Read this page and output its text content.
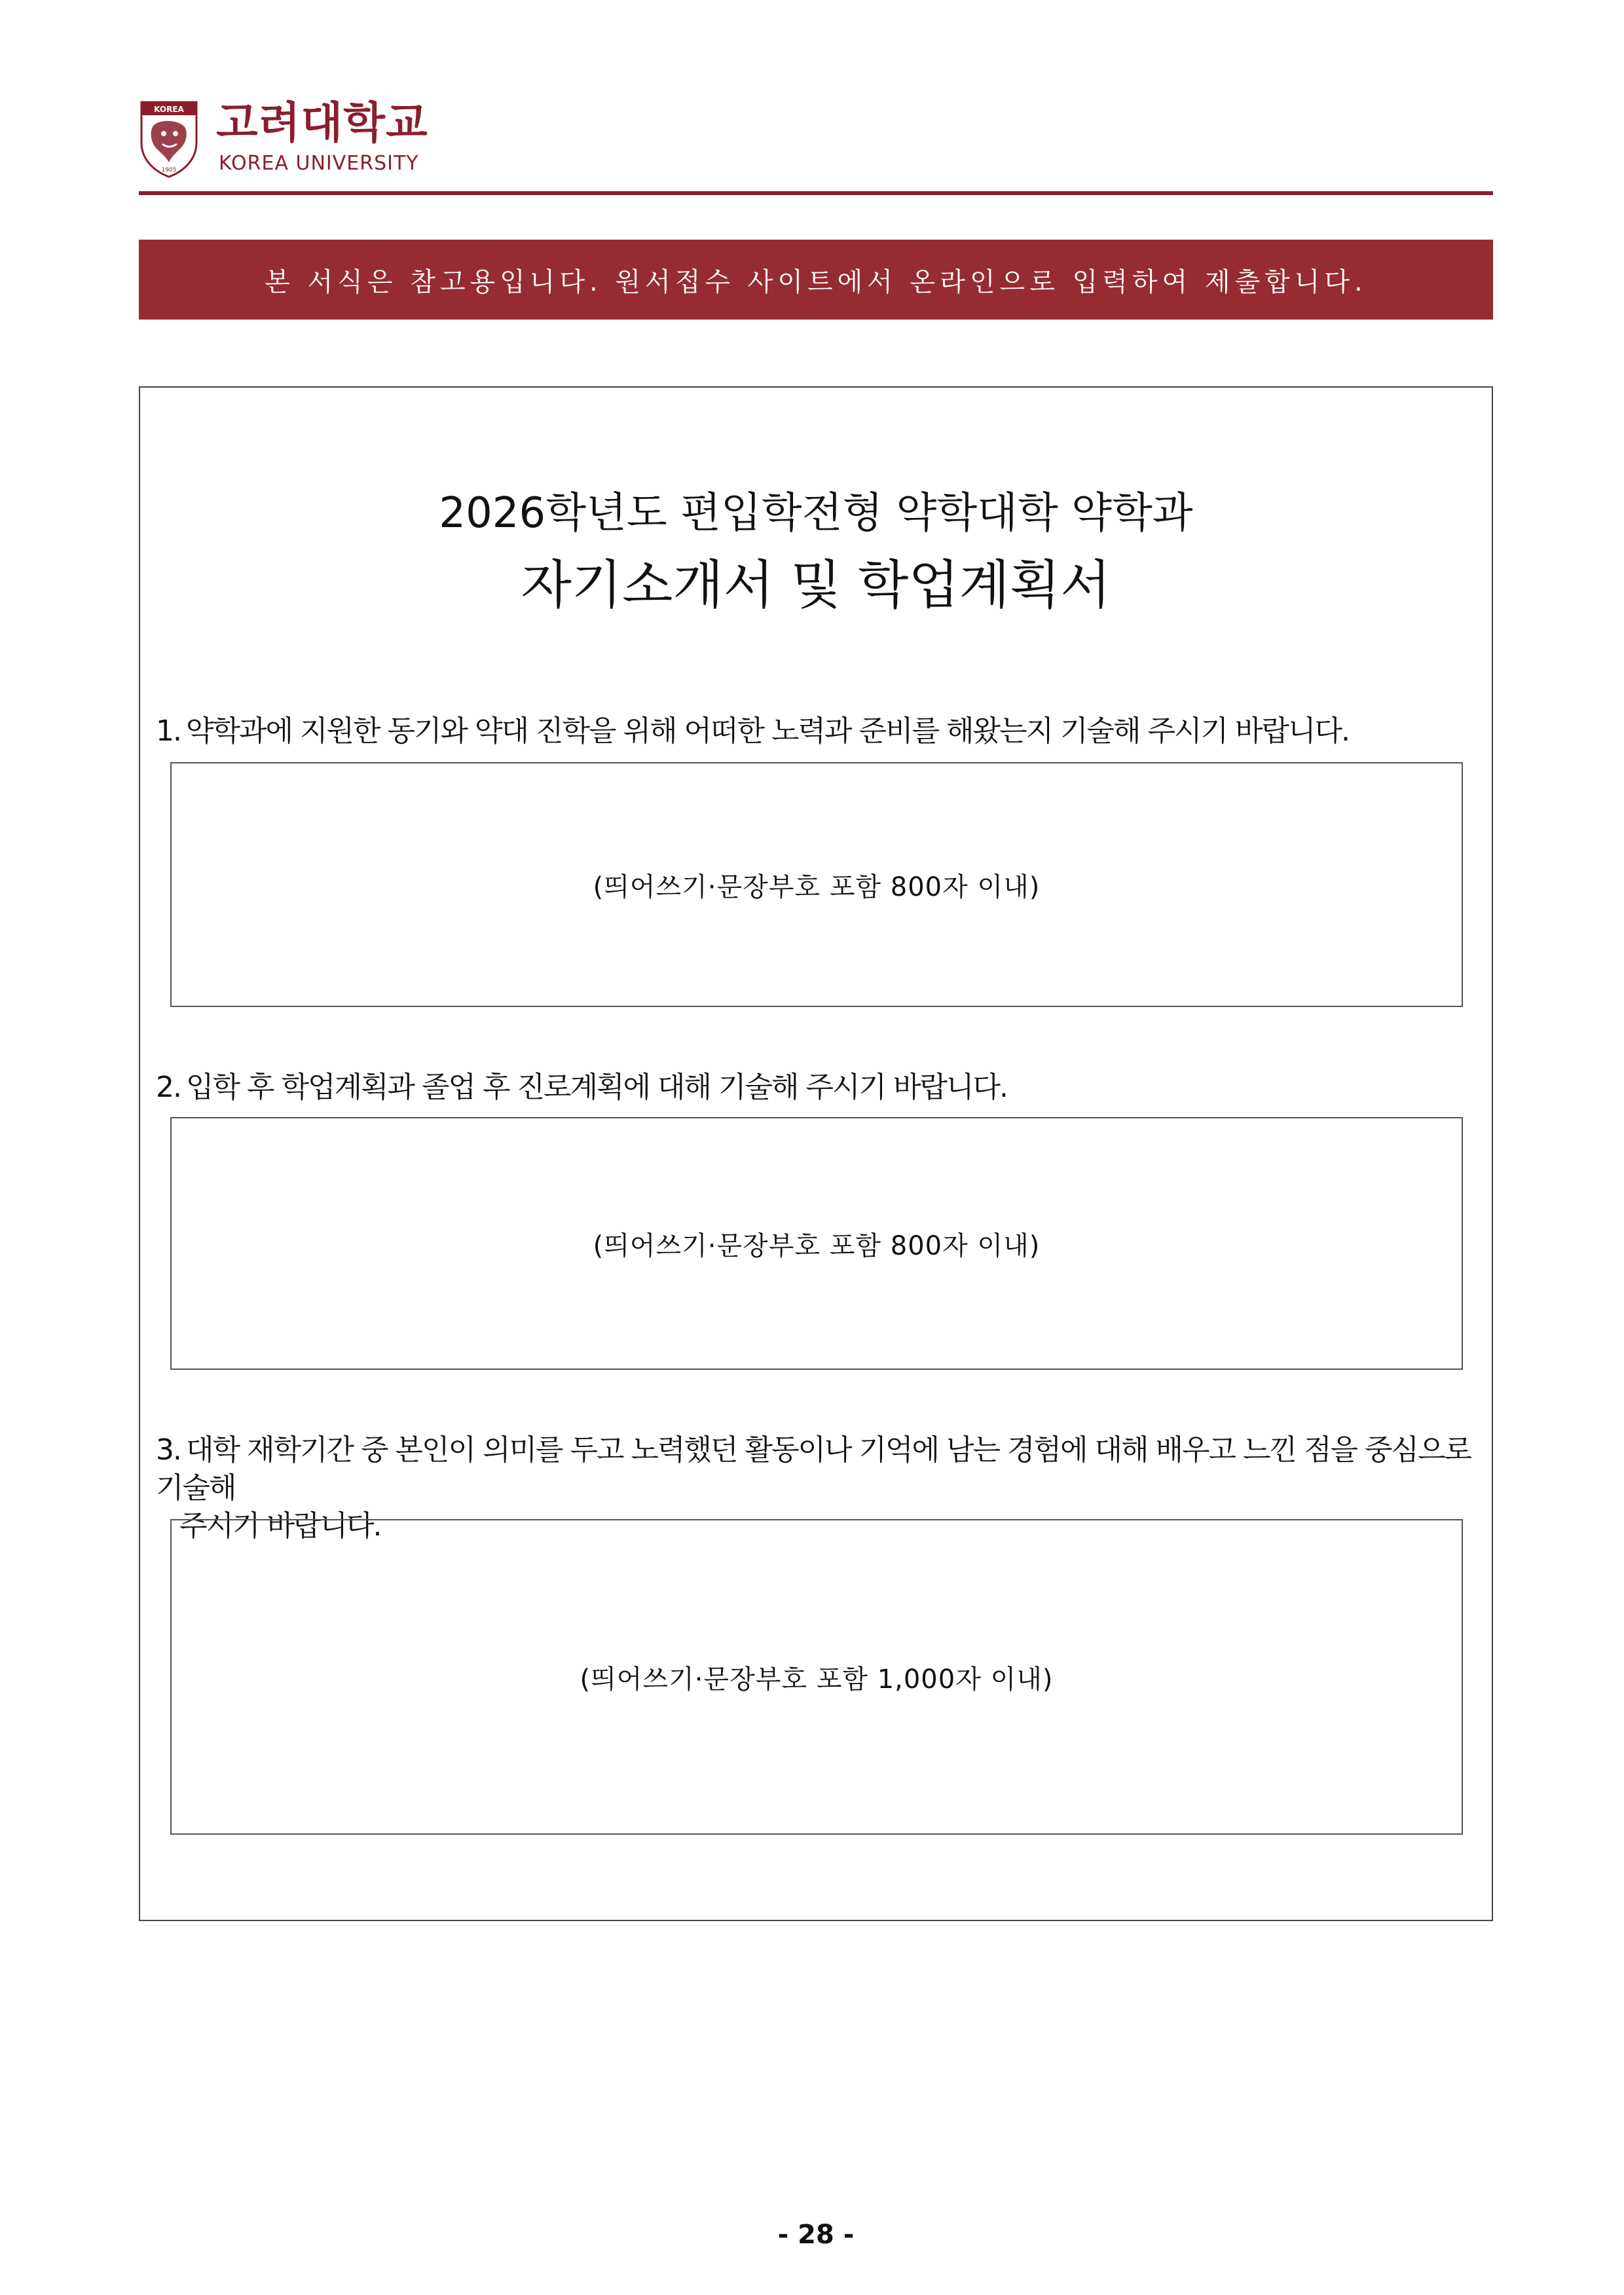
KOREA
1905
고려대학교
KOREA UNIVERSITY
본 서식은 참고용입니다. 원서접수 사이트에서 온라인으로 입력하여 제출합니다.
2026학년도 편입학전형 약학대학 약학과
자기소개서 및 학업계획서
1. 약학과에 지원한 동기와 약대 진학을 위해 어떠한 노력과 준비를 해왔는지 기술해 주시기 바랍니다.
(띄어쓰기·문장부호 포함 800자 이내)
2. 입학 후 학업계획과 졸업 후 진로계획에 대해 기술해 주시기 바랍니다.
(띄어쓰기·문장부호 포함 800자 이내)
3. 대학 재학기간 중 본인이 의미를 두고 노력했던 활동이나 기억에 남는 경험에 대해 배우고 느낀 점을 중심으로 기술해
주시기 바랍니다.
(띄어쓰기·문장부호 포함 1,000자 이내)
- 28 -
